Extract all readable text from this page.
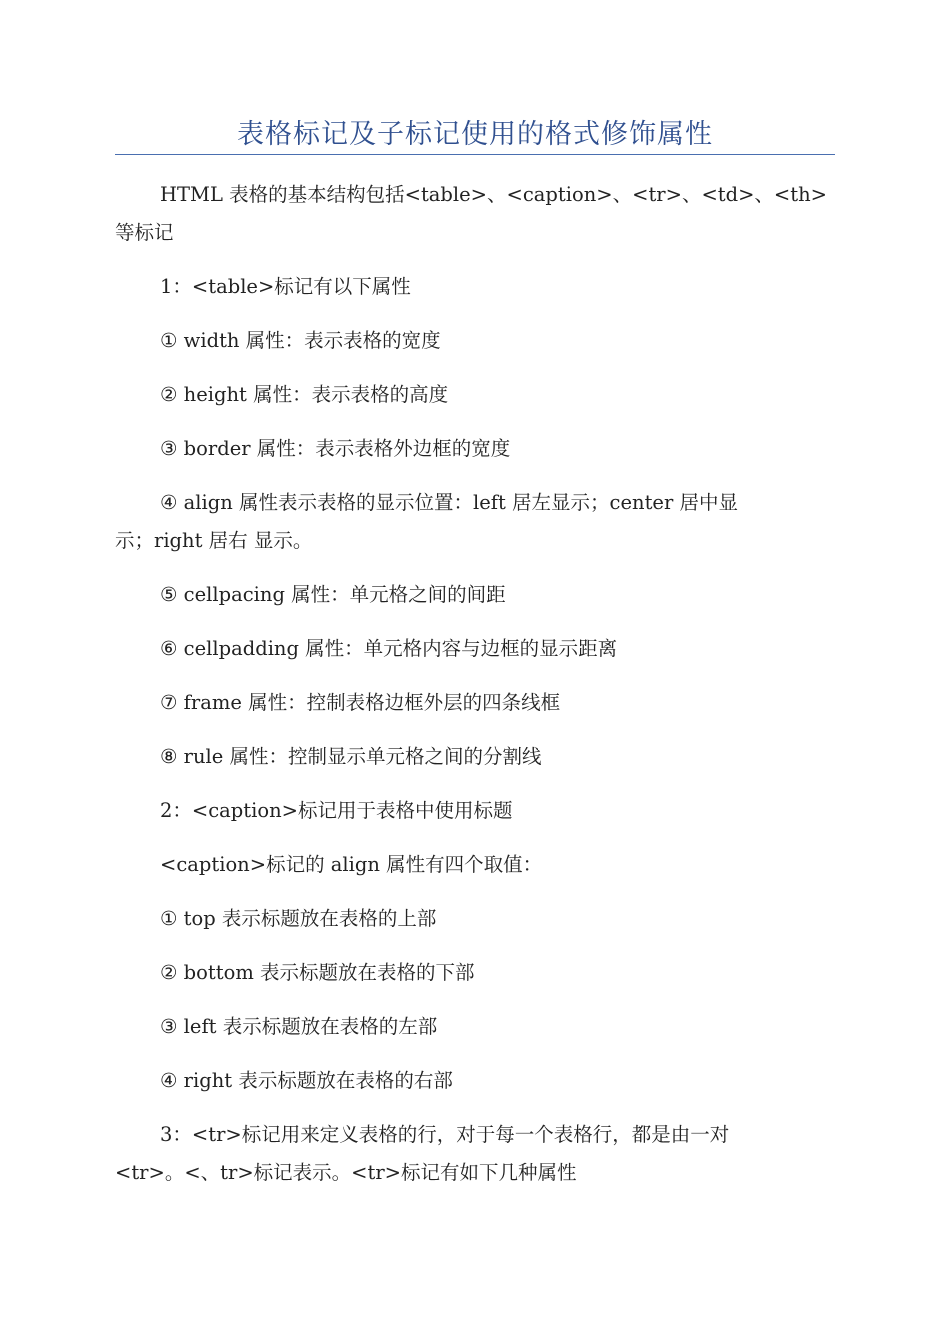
表格标记及子标记使用的格式修饰属性
HTML 表格的基本结构包括<table>、<caption>、<tr>、<td>、<th>
等标记
1：<table>标记有以下属性
① width 属性：表示表格的宽度
② height 属性：表示表格的高度
③ border 属性：表示表格外边框的宽度
④ align 属性表示表格的显示位置：left 居左显示；center 居中显
示；right 居右 显示。
⑤ cellpacing 属性：单元格之间的间距
⑥ cellpadding 属性：单元格内容与边框的显示距离
⑦ frame 属性：控制表格边框外层的四条线框
⑧ rule 属性：控制显示单元格之间的分割线
2：<caption>标记用于表格中使用标题
<caption>标记的 align 属性有四个取值：
① top 表示标题放在表格的上部
② bottom 表示标题放在表格的下部
③ left 表示标题放在表格的左部
④ right 表示标题放在表格的右部
3：<tr>标记用来定义表格的行，对于每一个表格行，都是由一对
<tr>。<、tr>标记表示。<tr>标记有如下几种属性
